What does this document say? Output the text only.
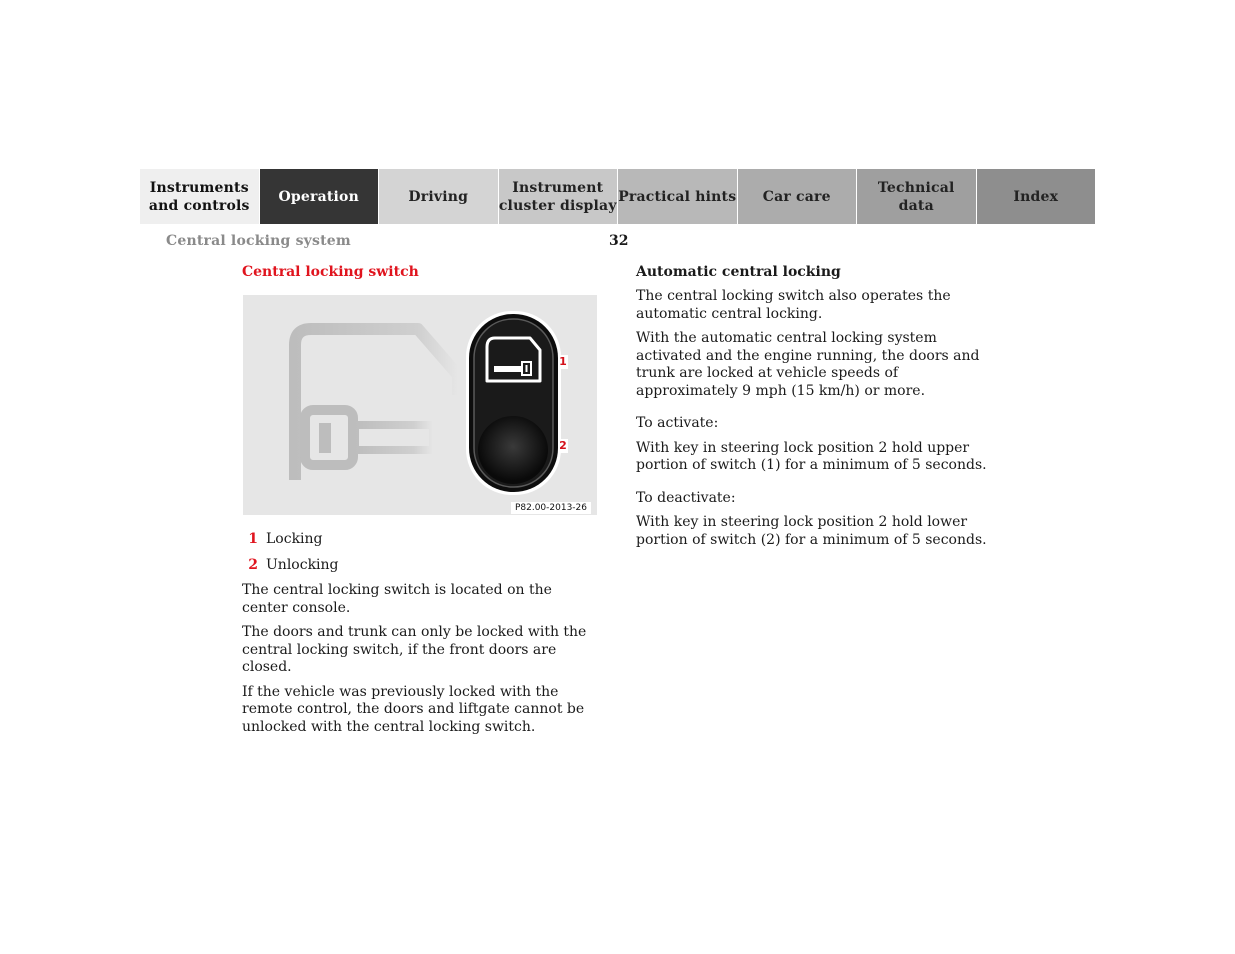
Instruments
and controls
Operation	Driving
Instrument
cluster display
Practical hints	Car care
Technical
data
Index
Central locking system	32
Central locking switch
1
2
P82.00-2013-26
1 Locking
2 Unlocking

The central locking switch is located on the center console.

The doors and trunk can only be locked with the central locking switch, if the front doors are closed.

If the vehicle was previously locked with the remote control, the doors and liftgate cannot be unlocked with the central locking switch.

Automatic central locking

The central locking switch also operates the automatic central locking.

With the automatic central locking system activated and the engine running, the doors and trunk are locked at vehicle speeds of approximately 9 mph (15 km/h) or more.

To activate:

With key in steering lock position 2 hold upper portion of switch (1) for a minimum of 5 seconds.

To deactivate:

With key in steering lock position 2 hold lower portion of switch (2) for a minimum of 5 seconds.
